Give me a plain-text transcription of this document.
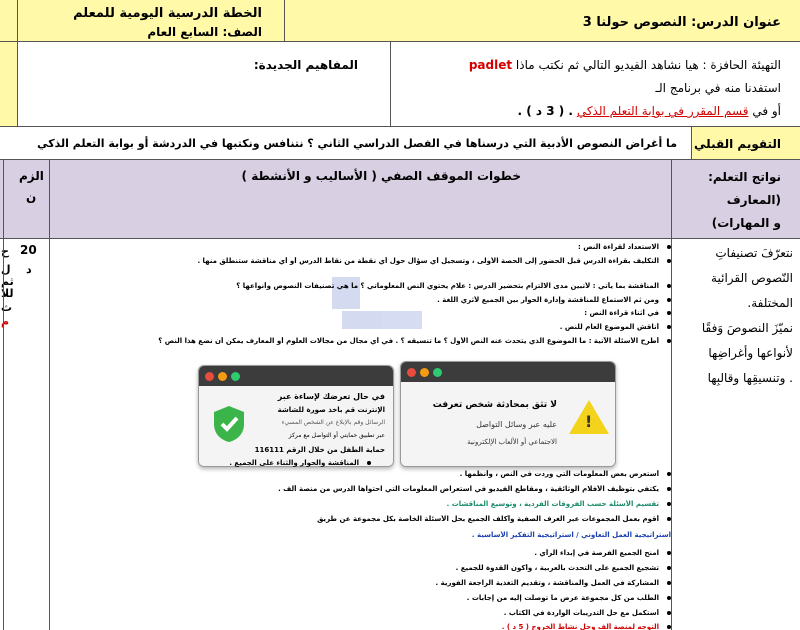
الخطة الدرسية اليومية للمعلم
الصف: السابع العام
عنوان الدرس: النصوص حولنا 3
المفاهيم الجديدة:	التهيئة الحافزة : هيا نشاهد الفيديو التالي ثم نكتب ماذا padlet
استفدنا منه في برنامج الـ
أو في قسم المقرر في بوابة التعلم الذكي . ( 3 د ) .
ما أغراض النصوص الأدبية التي درسناها في الفصل الدراسي الثاني ؟ نتنافس ونكتبها في الدردشة أو بوابة التعلم الذكي التقويم القبلي
الزم
ن
خطوات الموقف الصفي ( الأساليب و الأنشطة )	نواتج التعلم:
(المعارف
و المهارات)
ح
ل
ثم
للا
ث
م
20
د
الاستعداد لقراءة النص :
التكليف بقراءة الدرس قبل الحضور إلى الحصة الأولى ، وتسجيل أي سؤال حول أي نقطة من نقاط الدرس أو أي مناقشة ستنطلق منها .
المناقشة بما يأتي : لأتبين مدى الالتزام بتحضير الدرس : علام يحتوي النص المعلوماتي ؟ ما هي تصنيفات النصوص وأنواعها ؟
ومن ثم الاستماع للمناقشة وإدارة الحوار بين الجميع لأثري اللغة .
في أثناء قراءة النص :
أناقش الموضوع العام للنص .
أطرح الأسئلة الآتية : ما الموضوع الذي يتحدث عنه النص الأول ؟ ما تنسيقه ؟ . في أي مجال من مجالات العلوم أو المعارف يمكن أن نضع هذا النص ؟
!
لا تثق بمحادثة شخص تعرفت
عليه عبر وسائل التواصل
الاجتماعي أو الألعاب الإلكترونية
في حال تعرضك لإساءة عبر
الإنترنت قم باخذ صورة للشاشة
الرسائل وقم بالإبلاغ عن الشخص المسيء
عبر تطبيق حمايتي أو التواصل مع مركز
حماية الطفل من خلال الرقم 116111
المناقشة والحوار والثناء على الجميع .
أستعرض بعض المعلومات التي وردت في النص ، وأنظمها .
يكتفي بتوظيف الأفلام الوثائقية ، ومقاطع الفيديو في استعراض المعلومات التي احتواها الدرس من منصة ألف .
تقسيم الأسئلة حسب الفروقات الفردية ، وتوسيع المناقشات .
أقوم بعمل المجموعات عبر الغرف الصفية وأكلف الجميع بحل الأسئلة الخاصة بكل مجموعة عن طريق
استراتيجية العمل التعاوني / استراتيجية التفكير الأساسية .
امنح الجميع الفرصة في إبداء الرأي .
تشجيع الجميع على التحدث بالعربية ، وأكون القدوة للجميع .
المشاركة في العمل والمناقشة ، وتقديم التغذية الراجعة الفورية .
الطلب من كل مجموعة عرض ما توصلت إليه من إجابات .
أستكمل مع حل التدريبات الواردة في الكتاب .
التوجه لمنصة ألف وحل نشاط الخروج ( 5 د ) .
نتعرّفَ تصنيفاتِ
النّصوص القرائية
المختلفة.
نميّزَ النصوصَ وَفقًا
لأنواعها وأغراضِها
. وتنسيقِها وقالبِها
